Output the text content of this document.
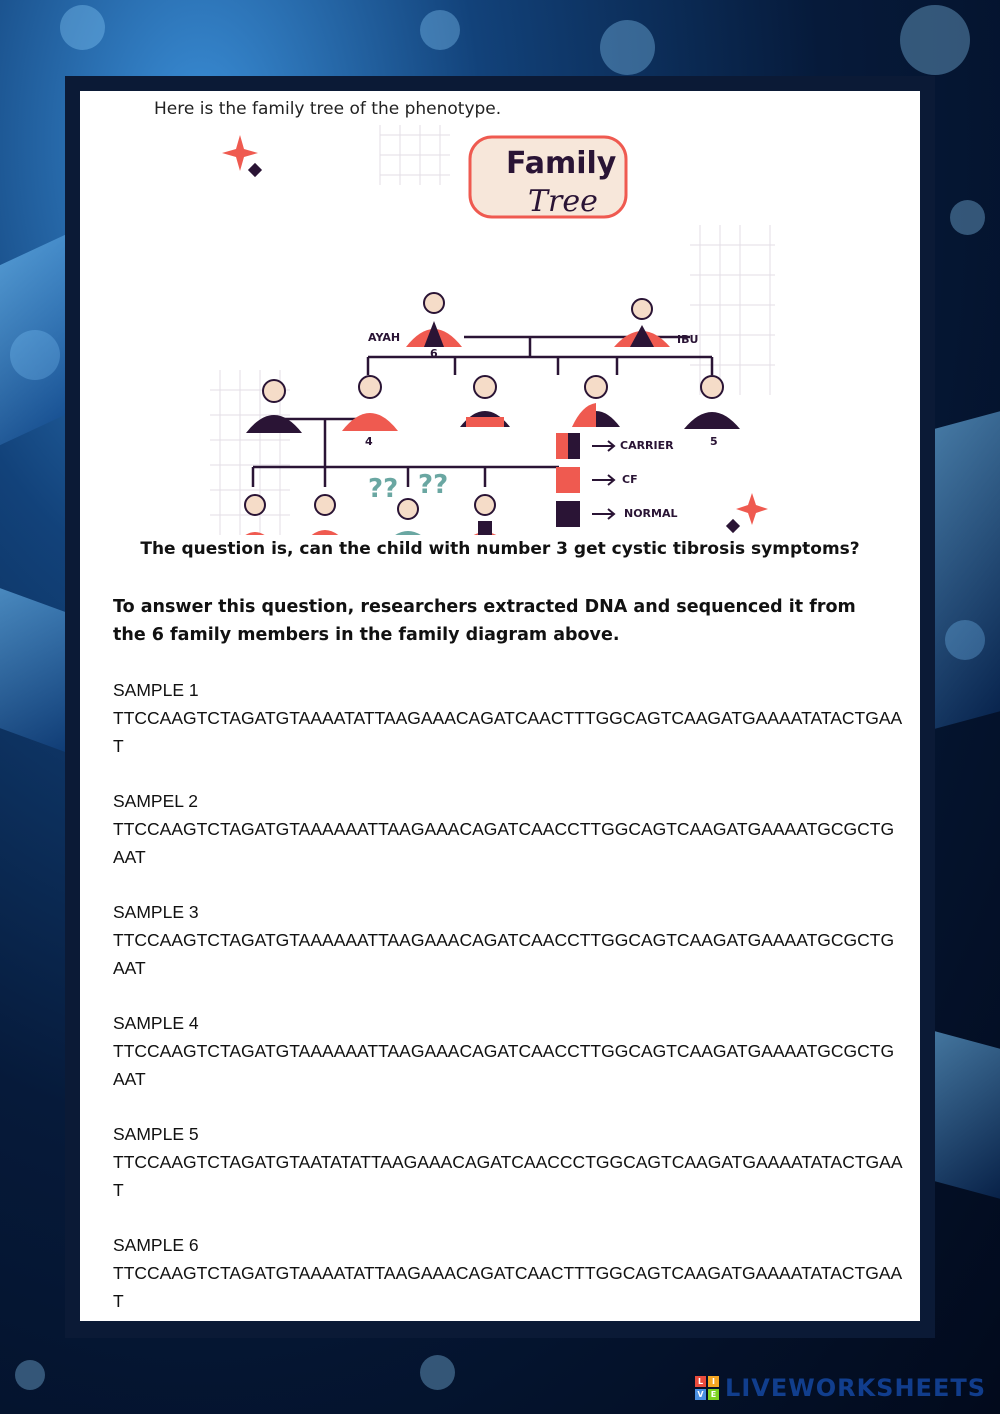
Here is the family tree of the phenotype.
Family
Tree
AYAH
6
IBU
4	5
?? ??
CARRIER
CF
NORMAL
The question is, can the child with number 3 get cystic tibrosis symptoms?
To answer this question, researchers extracted DNA and sequenced it from the 6 family members in the family diagram above.
SAMPLE 1
TTCCAAGTCTAGATGTAAAATATTAAGAAACAGATCAACTTTGGCAGTCAAGATGAAAATATACTGAAT
SAMPEL 2
TTCCAAGTCTAGATGTAAAAAATTAAGAAACAGATCAACCTTGGCAGTCAAGATGAAAATGCGCTGAAT
SAMPLE 3
TTCCAAGTCTAGATGTAAAAAATTAAGAAACAGATCAACCTTGGCAGTCAAGATGAAAATGCGCTGAAT
SAMPLE 4
TTCCAAGTCTAGATGTAAAAAATTAAGAAACAGATCAACCTTGGCAGTCAAGATGAAAATGCGCTGAAT
SAMPLE 5
TTCCAAGTCTAGATGTAATATATTAAGAAACAGATCAACCCTGGCAGTCAAGATGAAAATATACTGAAT
SAMPLE 6
TTCCAAGTCTAGATGTAAAATATTAAGAAACAGATCAACTTTGGCAGTCAAGATGAAAATATACTGAAT
L	I
V E LIVEWORKSHEETS
